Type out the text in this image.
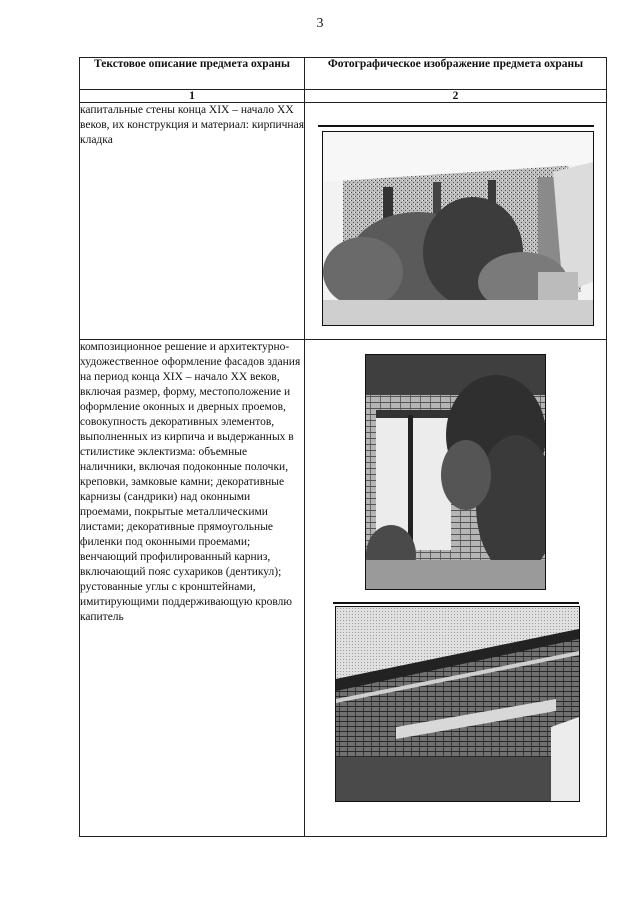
3
Текстовое описание предмета охраны	Фотографическое изображение предмета охраны
1	2
капитальные стены конца XIX – начало XX веков, их конструкция и материал: кирпичная кладка	

композиционное решение и архитектурно-художественное оформление фасадов здания на период конца XIX – начало XX веков, включая размер, форму, местоположение и оформление оконных и дверных проемов, совокупность декоративных элементов, выполненных из кирпича и выдержанных в стилистике эклектизма: объемные наличники, включая подоконные полочки, креповки, замковые камни; декоративные карнизы (сандрики) над оконными проемами, покрытые металлическими листами; декоративные прямоугольные филенки под оконными проемами; венчающий профилированный карниз, включающий пояс сухариков (дентикул); рустованные углы с кронштейнами, имитирующими поддерживающую кровлю капитель	
